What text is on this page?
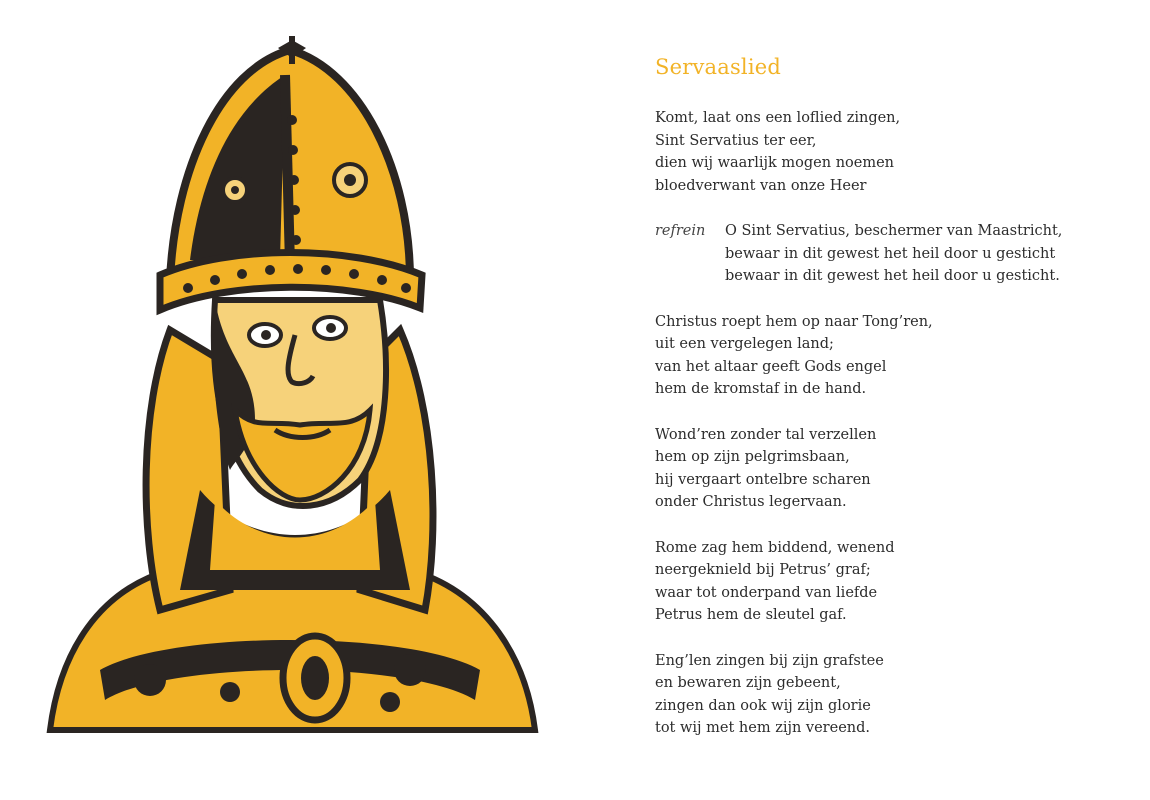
Servaaslied
Komt, laat ons een loflied zingen,
Sint Servatius ter eer,
dien wij waarlijk mogen noemen
bloedverwant van onze Heer
refrein	O Sint Servatius, beschermer van Maastricht,
bewaar in dit gewest het heil door u gesticht
bewaar in dit gewest het heil door u gesticht.
Christus roept hem op naar Tong’ren,
uit een vergelegen land;
van het altaar geeft Gods engel
hem de kromstaf in de hand.
Wond’ren zonder tal verzellen
hem op zijn pelgrimsbaan,
hij vergaart ontelbre scharen
onder Christus legervaan.
Rome zag hem biddend, wenend
neergeknield bij Petrus’ graf;
waar tot onderpand van liefde
Petrus hem de sleutel gaf.
Eng’len zingen bij zijn grafstee
en bewaren zijn gebeent,
zingen dan ook wij zijn glorie
tot wij met hem zijn vereend.
